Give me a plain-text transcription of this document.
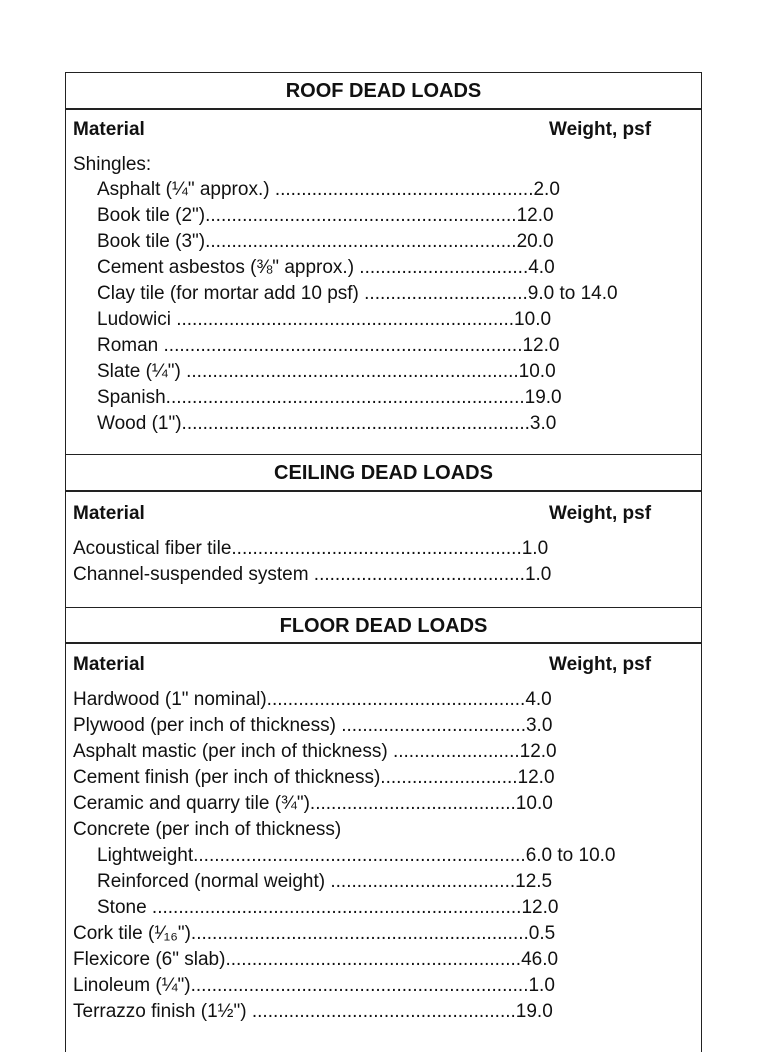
ROOF DEAD LOADS
Material	Weight, psf
Shingles:
Asphalt (¼" approx.) .................................................2.0
Book tile (2")...........................................................12.0
Book tile (3")...........................................................20.0
Cement asbestos (⅜" approx.) ................................4.0
Clay tile (for mortar add 10 psf) ...............................9.0 to 14.0
Ludowici ................................................................10.0
Roman ....................................................................12.0
Slate (¼") ...............................................................10.0
Spanish....................................................................19.0
Wood (1")..................................................................3.0
CEILING DEAD LOADS
Material	Weight, psf
Acoustical fiber tile.......................................................1.0
Channel-suspended system ........................................1.0
FLOOR DEAD LOADS
Material	Weight, psf
Hardwood (1" nominal).................................................4.0
Plywood (per inch of thickness) ...................................3.0
Asphalt mastic (per inch of thickness) ........................12.0
Cement finish (per inch of thickness)..........................12.0
Ceramic and quarry tile (¾").......................................10.0
Concrete (per inch of thickness)
Lightweight...............................................................6.0 to 10.0
Reinforced (normal weight) ...................................12.5
Stone ......................................................................12.0
Cork tile (¹⁄₁₆")................................................................0.5
Flexicore (6" slab)........................................................46.0
Linoleum (¼")................................................................1.0
Terrazzo finish (1½") ..................................................19.0
